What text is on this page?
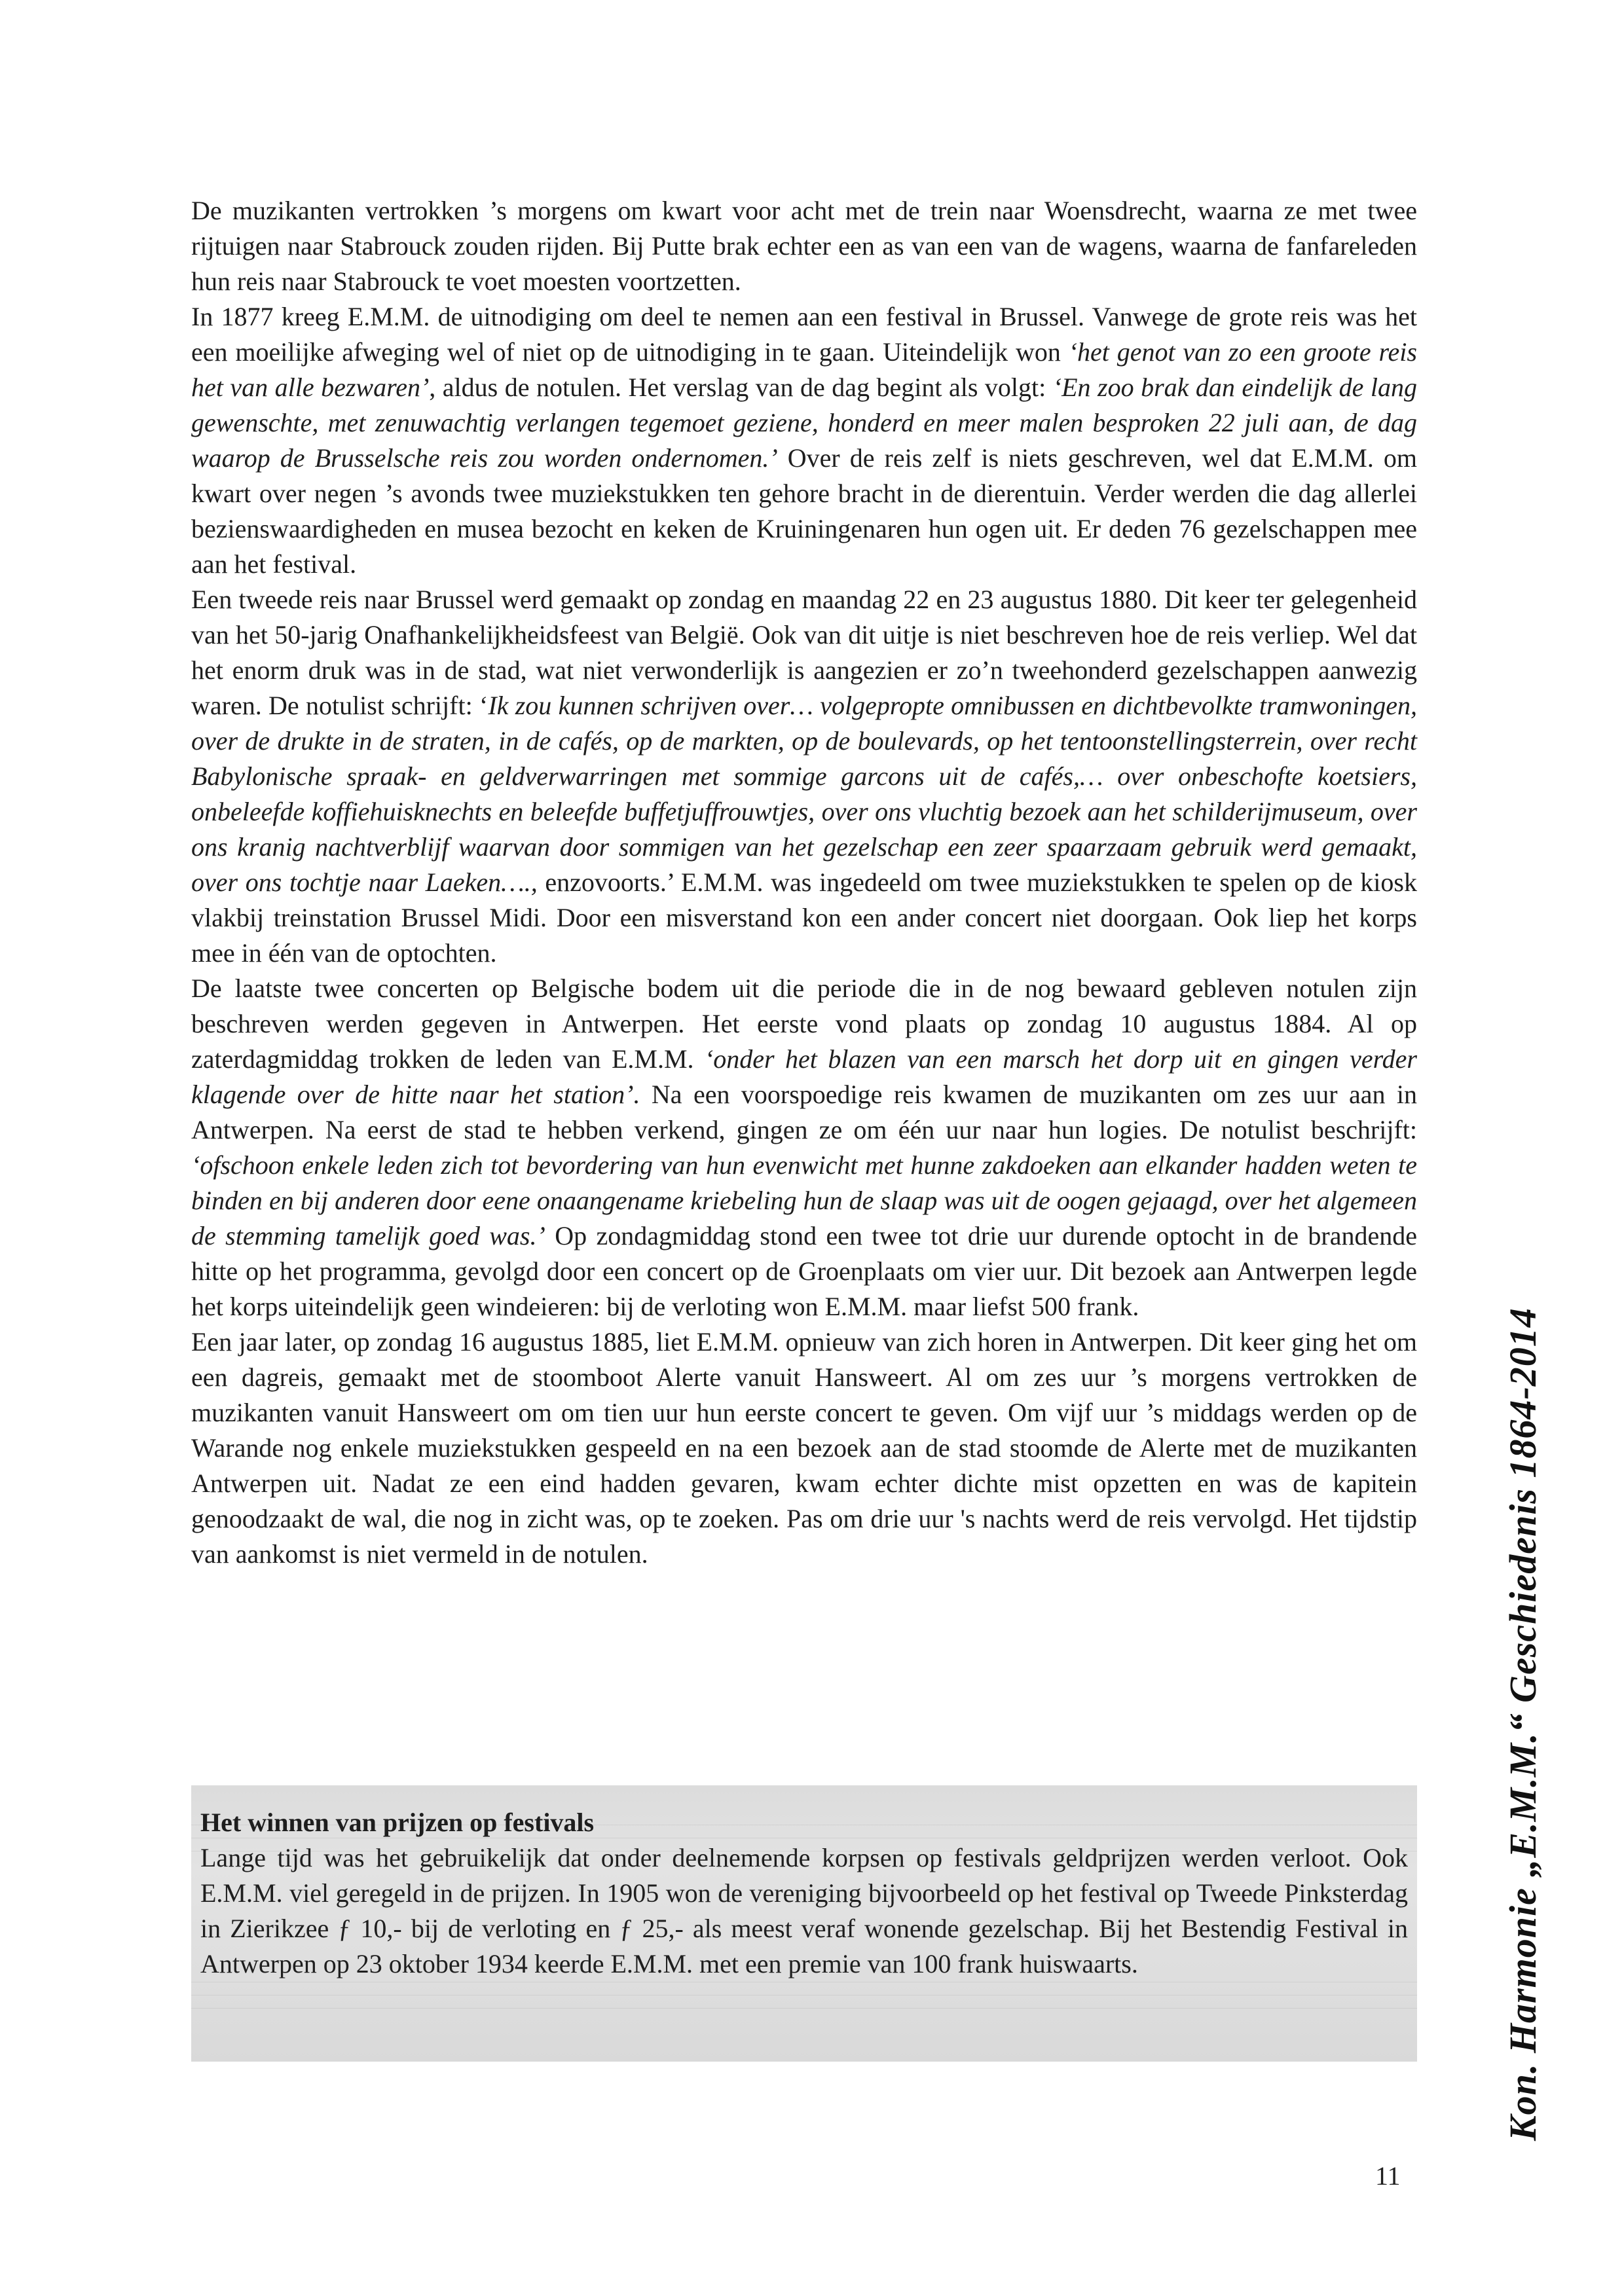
De muzikanten vertrokken ’s morgens om kwart voor acht met de trein naar Woensdrecht, waarna ze met twee rijtuigen naar Stabrouck zouden rijden. Bij Putte brak echter een as van een van de wagens, waarna de fanfareleden hun reis naar Stabrouck te voet moesten voortzetten.

In 1877 kreeg E.M.M. de uitnodiging om deel te nemen aan een festival in Brussel. Vanwege de grote reis was het een moeilijke afweging wel of niet op de uitnodiging in te gaan. Uiteindelijk won ‘het genot van zo een groote reis het van alle bezwaren’, aldus de notulen. Het verslag van de dag begint als volgt: ‘En zoo brak dan eindelijk de lang gewenschte, met zenuwachtig verlangen tegemoet geziene, honderd en meer malen besproken 22 juli aan, de dag waarop de Brusselsche reis zou worden ondernomen.’ Over de reis zelf is niets geschreven, wel dat E.M.M. om kwart over negen ’s avonds twee muziekstukken ten gehore bracht in de dierentuin. Verder werden die dag allerlei bezienswaardigheden en musea bezocht en keken de Kruiningenaren hun ogen uit. Er deden 76 gezelschappen mee aan het festival.

Een tweede reis naar Brussel werd gemaakt op zondag en maandag 22 en 23 augustus 1880. Dit keer ter gelegenheid van het 50-jarig Onafhankelijkheidsfeest van België. Ook van dit uitje is niet beschreven hoe de reis verliep. Wel dat het enorm druk was in de stad, wat niet verwonderlijk is aangezien er zo’n tweehonderd gezelschappen aanwezig waren. De notulist schrijft: ‘Ik zou kunnen schrijven over… volgepropte omnibussen en dichtbevolkte tramwoningen, over de drukte in de straten, in de cafés, op de markten, op de boulevards, op het tentoonstellingsterrein, over recht Babylonische spraak- en geldverwarringen met sommige garcons uit de cafés,… over onbeschofte koetsiers, onbeleefde koffiehuisknechts en beleefde buffetjuffrouwtjes, over ons vluchtig bezoek aan het schilderijmuseum, over ons kranig nachtverblijf waarvan door sommigen van het gezelschap een zeer spaarzaam gebruik werd gemaakt, over ons tochtje naar Laeken…., enzovoorts.’ E.M.M. was ingedeeld om twee muziekstukken te spelen op de kiosk vlakbij treinstation Brussel Midi. Door een misverstand kon een ander concert niet doorgaan. Ook liep het korps mee in één van de optochten.

De laatste twee concerten op Belgische bodem uit die periode die in de nog bewaard gebleven notulen zijn beschreven werden gegeven in Antwerpen. Het eerste vond plaats op zondag 10 augustus 1884. Al op zaterdagmiddag trokken de leden van E.M.M. ‘onder het blazen van een marsch het dorp uit en gingen verder klagende over de hitte naar het station’. Na een voorspoedige reis kwamen de muzikanten om zes uur aan in Antwerpen. Na eerst de stad te hebben verkend, gingen ze om één uur naar hun logies. De notulist beschrijft: ‘ofschoon enkele leden zich tot bevordering van hun evenwicht met hunne zakdoeken aan elkander hadden weten te binden en bij anderen door eene onaangename kriebeling hun de slaap was uit de oogen gejaagd, over het algemeen de stemming tamelijk goed was.’ Op zondagmiddag stond een twee tot drie uur durende optocht in de brandende hitte op het programma, gevolgd door een concert op de Groenplaats om vier uur. Dit bezoek aan Antwerpen legde het korps uiteindelijk geen windeieren: bij de verloting won E.M.M. maar liefst 500 frank.

Een jaar later, op zondag 16 augustus 1885, liet E.M.M. opnieuw van zich horen in Antwerpen. Dit keer ging het om een dagreis, gemaakt met de stoomboot Alerte vanuit Hansweert. Al om zes uur ’s morgens vertrokken de muzikanten vanuit Hansweert om om tien uur hun eerste concert te geven. Om vijf uur ’s middags werden op de Warande nog enkele muziekstukken gespeeld en na een bezoek aan de stad stoomde de Alerte met de muzikanten Antwerpen uit. Nadat ze een eind hadden gevaren, kwam echter dichte mist opzetten en was de kapitein genoodzaakt de wal, die nog in zicht was, op te zoeken. Pas om drie uur 's nachts werd de reis vervolgd. Het tijdstip van aankomst is niet vermeld in de notulen.

Het winnen van prijzen op festivals

Lange tijd was het gebruikelijk dat onder deelnemende korpsen op festivals geldprijzen werden verloot. Ook E.M.M. viel geregeld in de prijzen. In 1905 won de vereniging bijvoorbeeld op het festival op Tweede Pinksterdag in Zierikzee ƒ 10,- bij de verloting en ƒ 25,- als meest veraf wonende gezelschap. Bij het Bestendig Festival in Antwerpen op 23 oktober 1934 keerde E.M.M. met een premie van 100 frank huiswaarts.	Kon. Harmonie „E.M.M.“ Geschiedenis 1864-2014
11
